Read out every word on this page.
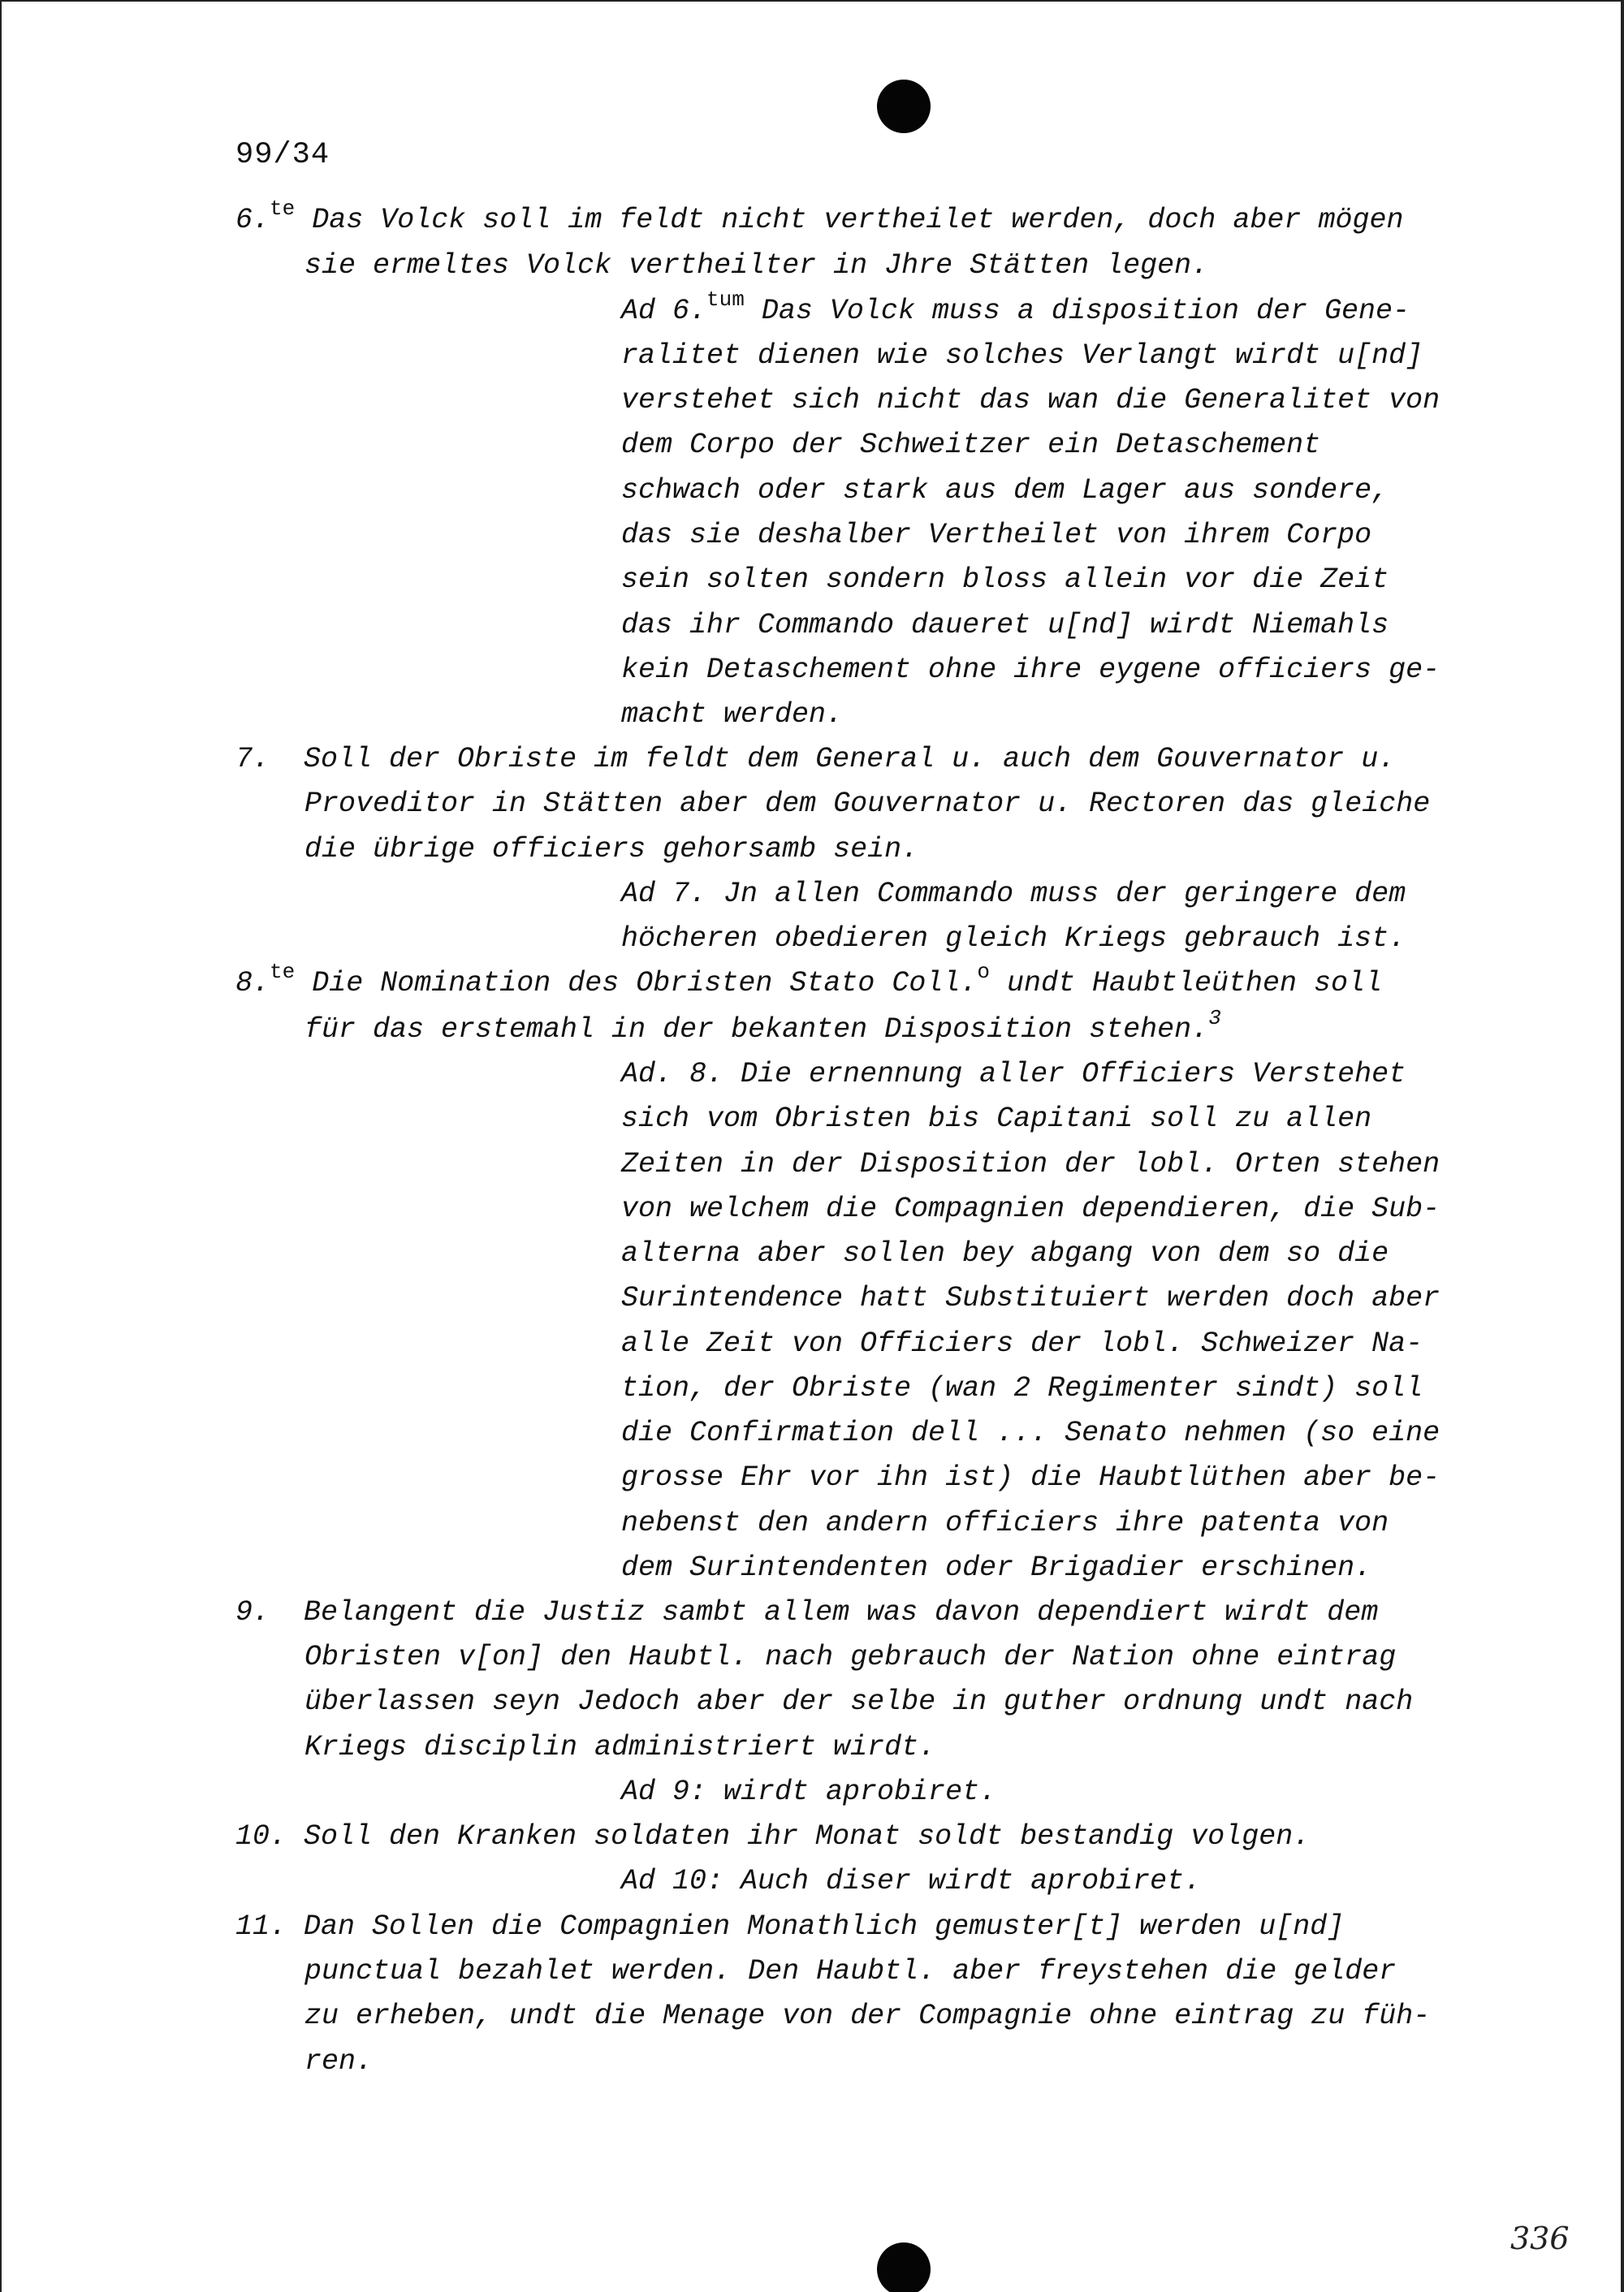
99/34
6.$^{te}$ Das Volck soll im feldt nicht vertheilet werden, doch aber mögen
sie ermeltes Volck vertheilter in Jhre Stätten legen.
Ad 6.$^{tum}$ Das Volck muss a disposition der Gene-
ralitet dienen wie solches Verlangt wirdt u[nd]
verstehet sich nicht das wan die Generalitet von
dem Corpo der Schweitzer ein Detaschement
schwach oder stark aus dem Lager aus sondere,
das sie deshalber Vertheilet von ihrem Corpo
sein solten sondern bloss allein vor die Zeit
das ihr Commando daueret u[nd] wirdt Niemahls
kein Detaschement ohne ihre eygene officiers ge-
macht werden.
7.  Soll der Obriste im feldt dem General u. auch dem Gouvernator u.
Proveditor in Stätten aber dem Gouvernator u. Rectoren das gleiche
die übrige officiers gehorsamb sein.
Ad 7. Jn allen Commando muss der geringere dem
höcheren obedieren gleich Kriegs gebrauch ist.
8.$^{te}$ Die Nomination des Obristen Stato Coll.$^o$ undt Haubtleüthen soll
für das erstemahl in der bekanten Disposition stehen.$^3$
Ad. 8. Die ernennung aller Officiers Verstehet
sich vom Obristen bis Capitani soll zu allen
Zeiten in der Disposition der lobl. Orten stehen
von welchem die Compagnien dependieren, die Sub-
alterna aber sollen bey abgang von dem so die
Surintendence hatt Substituiert werden doch aber
alle Zeit von Officiers der lobl. Schweizer Na-
tion, der Obriste (wan 2 Regimenter sindt) soll
die Confirmation dell ... Senato nehmen (so eine
grosse Ehr vor ihn ist) die Haubtlüthen aber be-
nebenst den andern officiers ihre patenta von
dem Surintendenten oder Brigadier erschinen.
9.  Belangent die Justiz sambt allem was davon dependiert wirdt dem
Obristen v[on] den Haubtl. nach gebrauch der Nation ohne eintrag
überlassen seyn Jedoch aber der selbe in guther ordnung undt nach
Kriegs disciplin administriert wirdt.
Ad 9: wirdt aprobiret.
10. Soll den Kranken soldaten ihr Monat soldt bestandig volgen.
Ad 10: Auch diser wirdt aprobiret.
11. Dan Sollen die Compagnien Monathlich gemuster[t] werden u[nd]
punctual bezahlet werden. Den Haubtl. aber freystehen die gelder
zu erheben, undt die Menage von der Compagnie ohne eintrag zu füh-
ren.
336
